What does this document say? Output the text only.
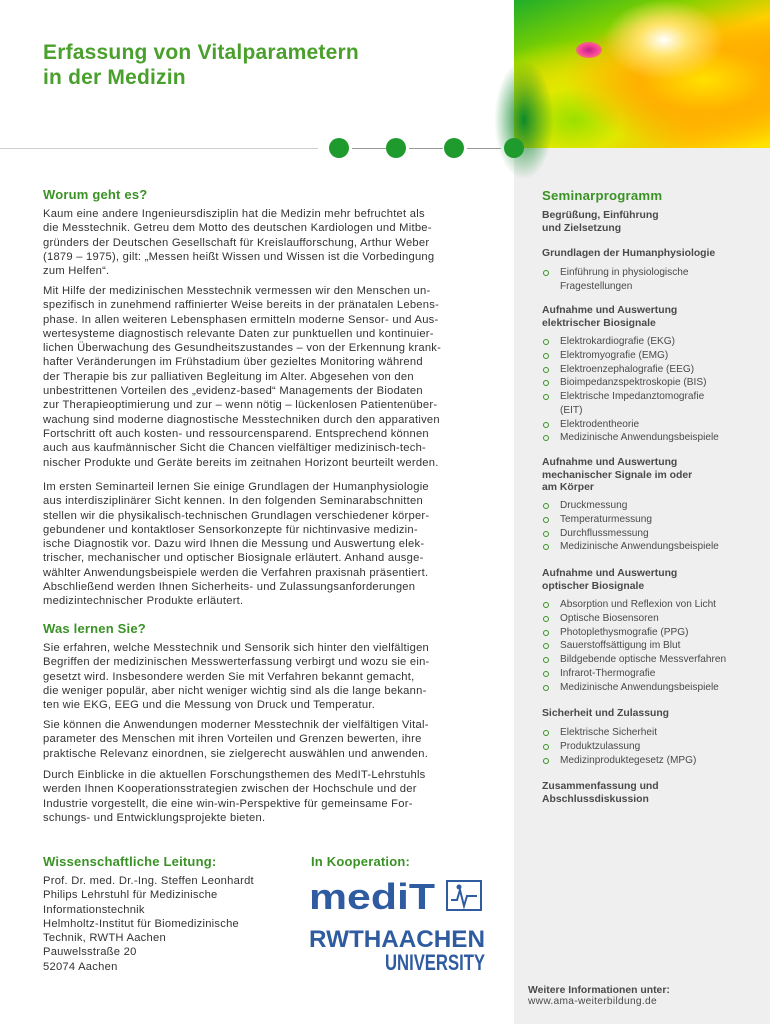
Erfassung von Vitalparametern
in der Medizin
Worum geht es?

Kaum eine andere Ingenieursdisziplin hat die Medizin mehr befruchtet als
die Messtechnik. Getreu dem Motto des deutschen Kardiologen und Mitbe-
gründers der Deutschen Gesellschaft für Kreislaufforschung, Arthur Weber
(1879 – 1975), gilt: „Messen heißt Wissen und Wissen ist die Vorbedingung
zum Helfen“.

Mit Hilfe der medizinischen Messtechnik vermessen wir den Menschen un-
spezifisch in zunehmend raffinierter Weise bereits in der pränatalen Lebens-
phase. In allen weiteren Lebensphasen ermitteln moderne Sensor- und Aus-
wertesysteme diagnostisch relevante Daten zur punktuellen und kontinuier-
lichen Überwachung des Gesundheitszustandes – von der Erkennung krank-
hafter Veränderungen im Frühstadium über gezieltes Monitoring während
der Therapie bis zur palliativen Begleitung im Alter. Abgesehen von den
unbestrittenen Vorteilen des „evidenz-based“ Managements der Biodaten
zur Therapieoptimierung und zur – wenn nötig – lückenlosen Patientenüber-
wachung sind moderne diagnostische Messtechniken durch den apparativen
Fortschritt oft auch kosten- und ressourcensparend. Entsprechend können
auch aus kaufmännischer Sicht die Chancen vielfältiger medizinisch-tech-
nischer Produkte und Geräte bereits im zeitnahen Horizont beurteilt werden.

Im ersten Seminarteil lernen Sie einige Grundlagen der Humanphysiologie
aus interdisziplinärer Sicht kennen. In den folgenden Seminarabschnitten
stellen wir die physikalisch-technischen Grundlagen verschiedener körper-
gebundener und kontaktloser Sensorkonzepte für nichtinvasive medizin-
ische Diagnostik vor. Dazu wird Ihnen die Messung und Auswertung elek-
trischer, mechanischer und optischer Biosignale erläutert. Anhand ausge-
wählter Anwendungsbeispiele werden die Verfahren praxisnah präsentiert.
Abschließend werden Ihnen Sicherheits- und Zulassungsanforderungen
medizintechnischer Produkte erläutert.

Was lernen Sie?

Sie erfahren, welche Messtechnik und Sensorik sich hinter den vielfältigen
Begriffen der medizinischen Messwerterfassung verbirgt und wozu sie ein-
gesetzt wird. Insbesondere werden Sie mit Verfahren bekannt gemacht,
die weniger populär, aber nicht weniger wichtig sind als die lange bekann-
ten wie EKG, EEG und die Messung von Druck und Temperatur.

Sie können die Anwendungen moderner Messtechnik der vielfältigen Vital-
parameter des Menschen mit ihren Vorteilen und Grenzen bewerten, ihre
praktische Relevanz einordnen, sie zielgerecht auswählen und anwenden.

Durch Einblicke in die aktuellen Forschungsthemen des MedIT-Lehrstuhls
werden Ihnen Kooperationsstrategien zwischen der Hochschule und der
Industrie vorgestellt, die eine win-win-Perspektive für gemeinsame For-
schungs- und Entwicklungsprojekte bieten.

Wissenschaftliche Leitung:

Prof. Dr. med. Dr.-Ing. Steffen Leonhardt
Philips Lehrstuhl für Medizinische
Informationstechnik
Helmholtz-Institut für Biomedizinische
Technik, RWTH Aachen
Pauwelsstraße 20
52074 Aachen

In Kooperation:
mediT
RWTHAACHEN
UNIVERSITY
Seminarprogramm
Begrüßung, Einführung
und Zielsetzung
Grundlagen der Humanphysiologie
Einführung in physiologische
Fragestellungen
Aufnahme und Auswertung
elektrischer Biosignale
Elektrokardiografie (EKG)
Elektromyografie (EMG)
Elektroenzephalografie (EEG)
Bioimpedanzspektroskopie (BIS)
Elektrische Impedanztomografie
(EIT)
Elektrodentheorie
Medizinische Anwendungsbeispiele
Aufnahme und Auswertung
mechanischer Signale im oder
am Körper
Druckmessung
Temperaturmessung
Durchflussmessung
Medizinische Anwendungsbeispiele
Aufnahme und Auswertung
optischer Biosignale
Absorption und Reflexion von Licht
Optische Biosensoren
Photoplethysmografie (PPG)
Sauerstoffsättigung im Blut
Bildgebende optische Messverfahren
Infrarot-Thermografie
Medizinische Anwendungsbeispiele
Sicherheit und Zulassung
Elektrische Sicherheit
Produktzulassung
Medizinproduktegesetz (MPG)
Zusammenfassung und
Abschlussdiskussion
Weitere Informationen unter:
www.ama-weiterbildung.de
